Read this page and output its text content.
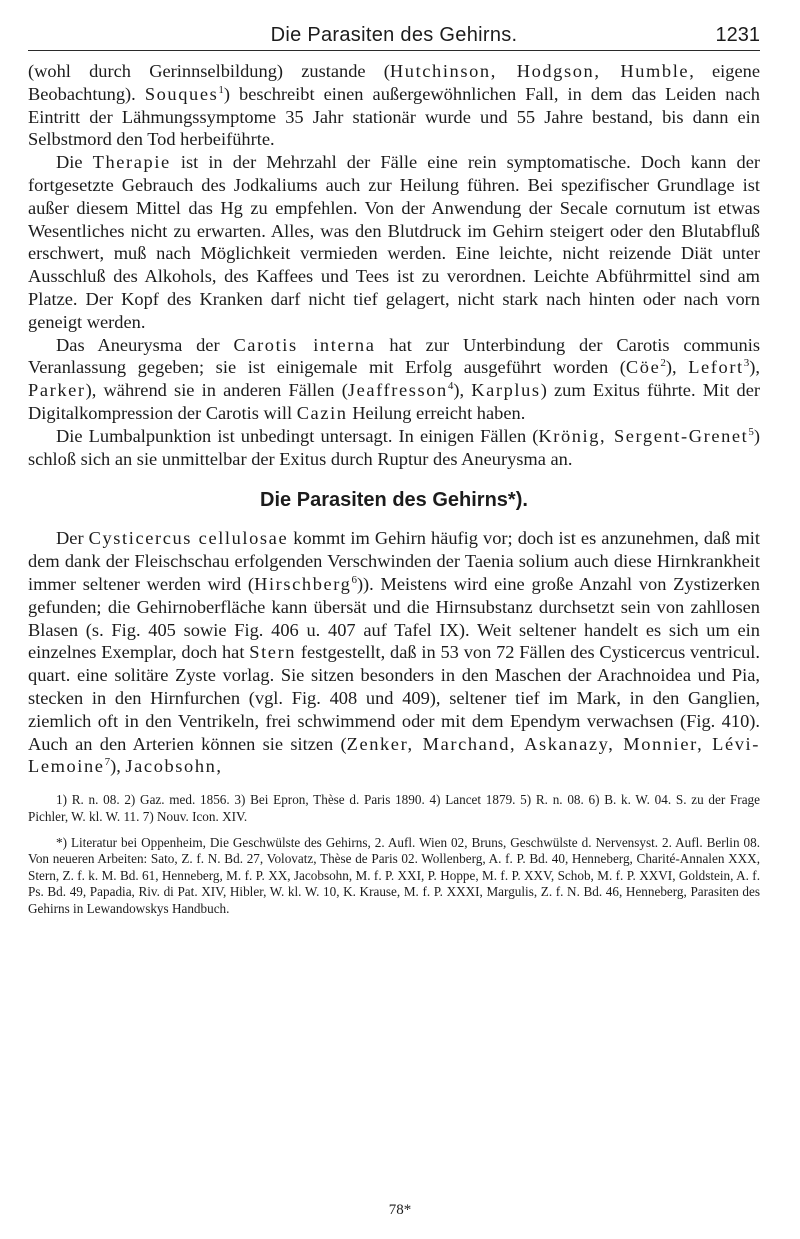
Die Parasiten des Gehirns.	1231

(wohl durch Gerinnselbildung) zustande (Hutchinson, Hodgson, Humble, eigene Beobachtung). Souques$^1$) beschreibt einen außergewöhnlichen Fall, in dem das Leiden nach Eintritt der Lähmungssymptome 35 Jahr stationär wurde und 55 Jahre bestand, bis dann ein Selbstmord den Tod herbeiführte.

Die Therapie ist in der Mehrzahl der Fälle eine rein symptomatische. Doch kann der fortgesetzte Gebrauch des Jodkaliums auch zur Heilung führen. Bei spezifischer Grundlage ist außer diesem Mittel das Hg zu empfehlen. Von der Anwendung der Secale cornutum ist etwas Wesentliches nicht zu erwarten. Alles, was den Blutdruck im Gehirn steigert oder den Blutabfluß erschwert, muß nach Möglichkeit vermieden werden. Eine leichte, nicht reizende Diät unter Ausschluß des Alkohols, des Kaffees und Tees ist zu verordnen. Leichte Abführmittel sind am Platze. Der Kopf des Kranken darf nicht tief gelagert, nicht stark nach hinten oder nach vorn geneigt werden.

Das Aneurysma der Carotis interna hat zur Unterbindung der Carotis communis Veranlassung gegeben; sie ist einigemale mit Erfolg ausgeführt worden (Cöe$^2$), Lefort$^3$), Parker), während sie in anderen Fällen (Jeaffresson$^4$), Karplus) zum Exitus führte. Mit der Digitalkompression der Carotis will Cazin Heilung erreicht haben.

Die Lumbalpunktion ist unbedingt untersagt. In einigen Fällen (Krönig, Sergent-Grenet$^5$) schloß sich an sie unmittelbar der Exitus durch Ruptur des Aneurysma an.

Die Parasiten des Gehirns*).

Der Cysticercus cellulosae kommt im Gehirn häufig vor; doch ist es anzunehmen, daß mit dem dank der Fleischschau erfolgenden Verschwinden der Taenia solium auch diese Hirnkrankheit immer seltener werden wird (Hirschberg$^6$)). Meistens wird eine große Anzahl von Zystizerken gefunden; die Gehirnoberfläche kann übersät und die Hirnsubstanz durchsetzt sein von zahllosen Blasen (s. Fig. 405 sowie Fig. 406 u. 407 auf Tafel IX). Weit seltener handelt es sich um ein einzelnes Exemplar, doch hat Stern festgestellt, daß in 53 von 72 Fällen des Cysticercus ventricul. quart. eine solitäre Zyste vorlag. Sie sitzen besonders in den Maschen der Arachnoidea und Pia, stecken in den Hirnfurchen (vgl. Fig. 408 und 409), seltener tief im Mark, in den Ganglien, ziemlich oft in den Ventrikeln, frei schwimmend oder mit dem Ependym verwachsen (Fig. 410). Auch an den Arterien können sie sitzen (Zenker, Marchand, Askanazy, Monnier, Lévi-Lemoine$^7$), Jacobsohn,

1) R. n. 08. 2) Gaz. med. 1856. 3) Bei Epron, Thèse d. Paris 1890. 4) Lancet 1879. 5) R. n. 08. 6) B. k. W. 04. S. zu der Frage Pichler, W. kl. W. 11. 7) Nouv. Icon. XIV.

*) Literatur bei Oppenheim, Die Geschwülste des Gehirns, 2. Aufl. Wien 02, Bruns, Geschwülste d. Nervensyst. 2. Aufl. Berlin 08. Von neueren Arbeiten: Sato, Z. f. N. Bd. 27, Volovatz, Thèse de Paris 02. Wollenberg, A. f. P. Bd. 40, Henneberg, Charité-Annalen XXX, Stern, Z. f. k. M. Bd. 61, Henneberg, M. f. P. XX, Jacobsohn, M. f. P. XXI, P. Hoppe, M. f. P. XXV, Schob, M. f. P. XXVI, Goldstein, A. f. Ps. Bd. 49, Papadia, Riv. di Pat. XIV, Hibler, W. kl. W. 10, K. Krause, M. f. P. XXXI, Margulis, Z. f. N. Bd. 46, Henneberg, Parasiten des Gehirns in Lewandowskys Handbuch.

78*
